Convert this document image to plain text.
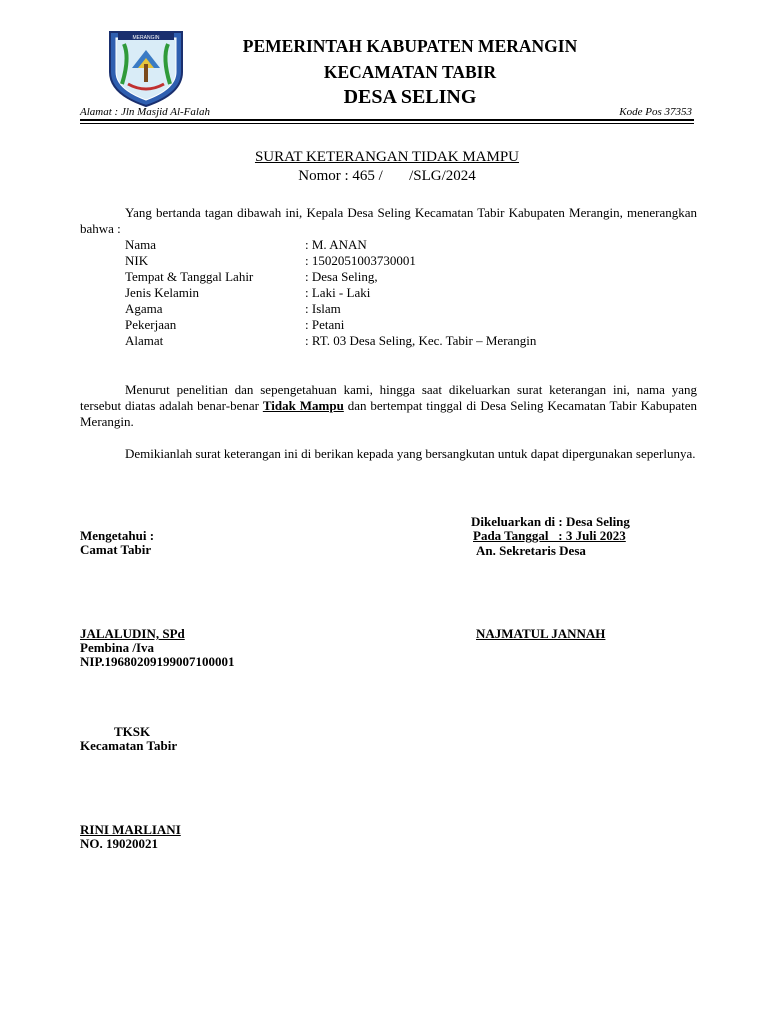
MERANGIN	PEMERINTAH KABUPATEN MERANGIN
KECAMATAN TABIR
DESA SELING
Alamat : Jln Masjid Al-Falah	Kode Pos 37353
SURAT KETERANGAN TIDAK MAMPU
Nomor : 465 /       /SLG/2024
Yang bertanda tagan dibawah ini, Kepala Desa Seling Kecamatan Tabir Kabupaten Merangin, menerangkan bahwa :
Nama	: M. ANAN
NIK	: 1502051003730001
Tempat & Tanggal Lahir	: Desa Seling,
Jenis Kelamin	: Laki - Laki
Agama	: Islam
Pekerjaan	: Petani
Alamat	: RT. 03 Desa Seling, Kec. Tabir – Merangin
Menurut penelitian dan sepengetahuan kami, hingga saat dikeluarkan surat keterangan ini, nama yang tersebut diatas adalah benar-benar Tidak Mampu dan bertempat tinggal di Desa Seling Kecamatan Tabir Kabupaten Merangin.
Demikianlah surat keterangan ini di berikan kepada yang bersangkutan untuk dapat dipergunakan seperlunya.
Dikeluarkan di : Desa Seling
Mengetahui :	Pada Tanggal   : 3 Juli 2023
Camat Tabir	An. Sekretaris Desa
JALALUDIN, SPd	NAJMATUL JANNAH
Pembina /Iva
NIP.19680209199007100001
TKSK
Kecamatan Tabir
RINI MARLIANI
NO. 19020021
